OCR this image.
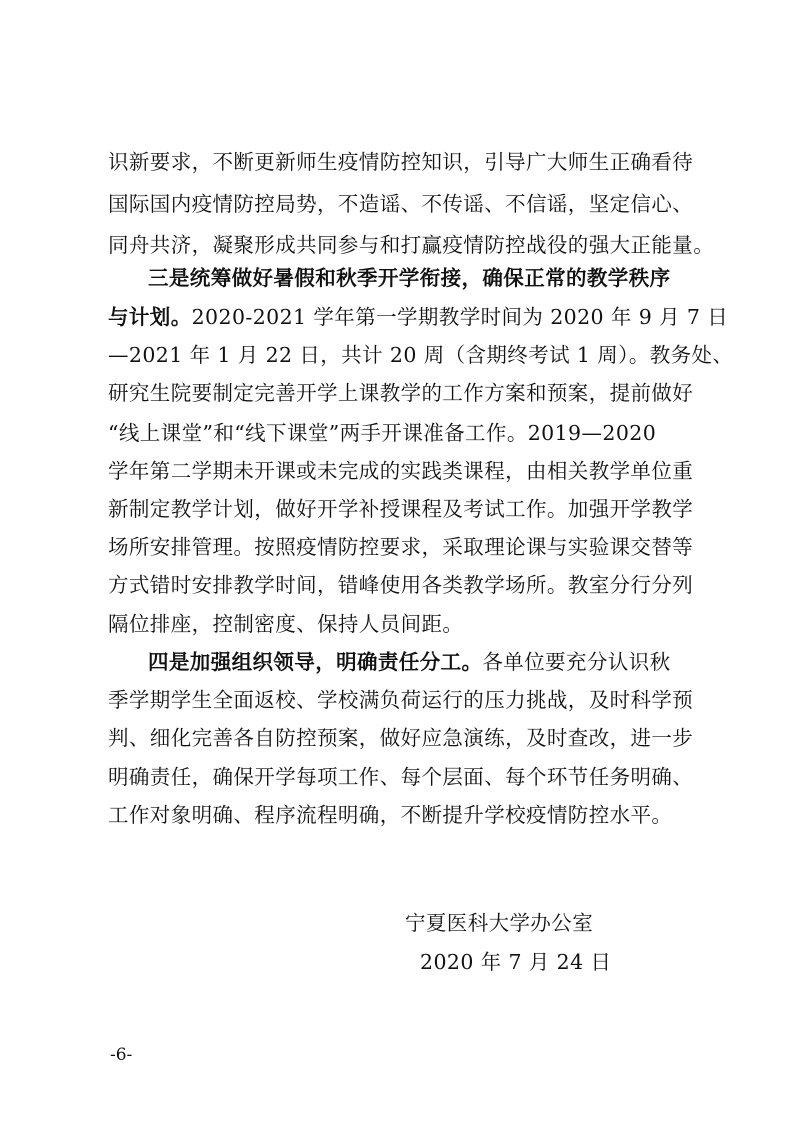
识新要求，不断更新师生疫情防控知识，引导广大师生正确看待
国际国内疫情防控局势，不造谣、不传谣、不信谣，坚定信心、
同舟共济，凝聚形成共同参与和打赢疫情防控战役的强大正能量。
三是统筹做好暑假和秋季开学衔接，确保正常的教学秩序
与计划。2020-2021 学年第一学期教学时间为 2020 年 9 月 7 日
—2021 年 1 月 22 日，共计 20 周（含期终考试 1 周）。教务处、
研究生院要制定完善开学上课教学的工作方案和预案，提前做好
“线上课堂”和“线下课堂”两手开课准备工作。2019—2020
学年第二学期未开课或未完成的实践类课程，由相关教学单位重
新制定教学计划，做好开学补授课程及考试工作。加强开学教学
场所安排管理。按照疫情防控要求，采取理论课与实验课交替等
方式错时安排教学时间，错峰使用各类教学场所。教室分行分列
隔位排座，控制密度、保持人员间距。
四是加强组织领导，明确责任分工。各单位要充分认识秋
季学期学生全面返校、学校满负荷运行的压力挑战，及时科学预
判、细化完善各自防控预案，做好应急演练，及时查改，进一步
明确责任，确保开学每项工作、每个层面、每个环节任务明确、
工作对象明确、程序流程明确，不断提升学校疫情防控水平。
宁夏医科大学办公室
2020 年 7 月 24 日
-6-
